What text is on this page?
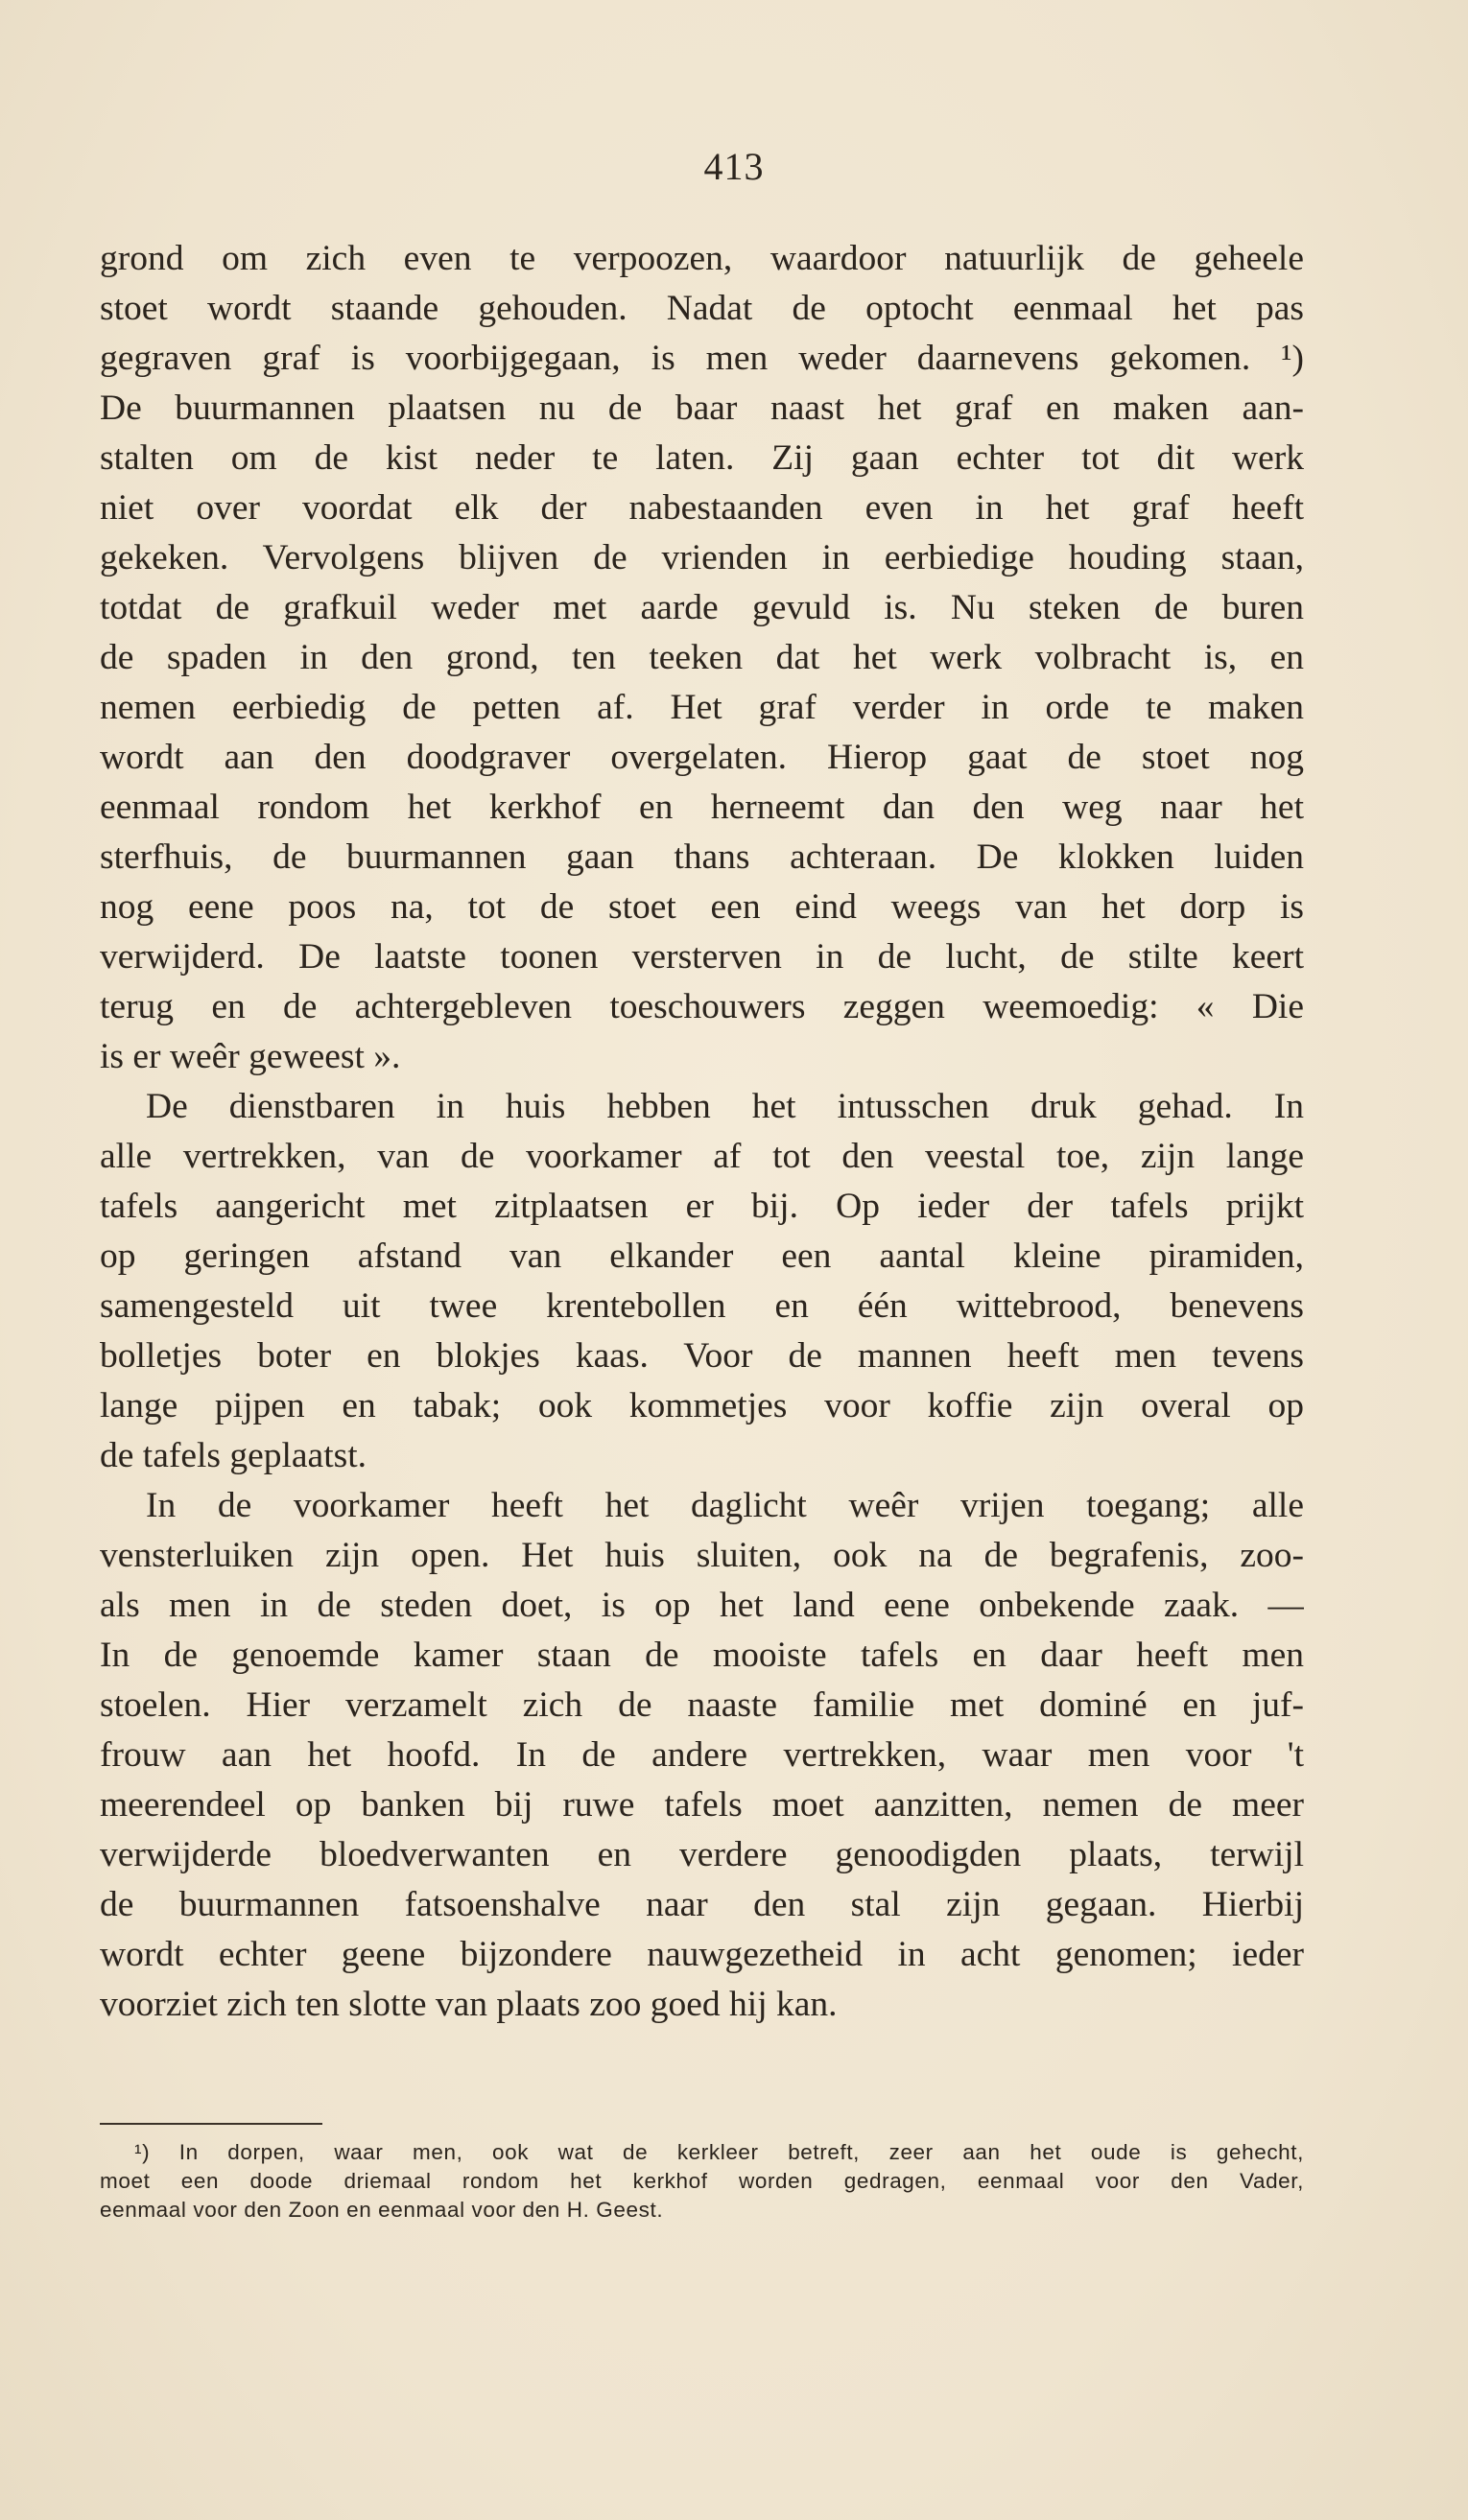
413
grond om zich even te verpoozen, waardoor natuurlijk de geheele
stoet wordt staande gehouden. Nadat de optocht eenmaal het pas
gegraven graf is voorbijgegaan, is men weder daarnevens gekomen. ¹)
De buurmannen plaatsen nu de baar naast het graf en maken aan-
stalten om de kist neder te laten. Zij gaan echter tot dit werk
niet over voordat elk der nabestaanden even in het graf heeft
gekeken. Vervolgens blijven de vrienden in eerbiedige houding staan,
totdat de grafkuil weder met aarde gevuld is. Nu steken de buren
de spaden in den grond, ten teeken dat het werk volbracht is, en
nemen eerbiedig de petten af. Het graf verder in orde te maken
wordt aan den doodgraver overgelaten. Hierop gaat de stoet nog
eenmaal rondom het kerkhof en herneemt dan den weg naar het
sterfhuis, de buurmannen gaan thans achteraan. De klokken luiden
nog eene poos na, tot de stoet een eind weegs van het dorp is
verwijderd. De laatste toonen versterven in de lucht, de stilte keert
terug en de achtergebleven toeschouwers zeggen weemoedig: « Die
is er weêr geweest ».
De dienstbaren in huis hebben het intusschen druk gehad. In
alle vertrekken, van de voorkamer af tot den veestal toe, zijn lange
tafels aangericht met zitplaatsen er bij. Op ieder der tafels prijkt
op geringen afstand van elkander een aantal kleine piramiden,
samengesteld uit twee krentebollen en één wittebrood, benevens
bolletjes boter en blokjes kaas. Voor de mannen heeft men tevens
lange pijpen en tabak; ook kommetjes voor koffie zijn overal op
de tafels geplaatst.
In de voorkamer heeft het daglicht weêr vrijen toegang; alle
vensterluiken zijn open. Het huis sluiten, ook na de begrafenis, zoo-
als men in de steden doet, is op het land eene onbekende zaak. —
In de genoemde kamer staan de mooiste tafels en daar heeft men
stoelen. Hier verzamelt zich de naaste familie met dominé en juf-
frouw aan het hoofd. In de andere vertrekken, waar men voor 't
meerendeel op banken bij ruwe tafels moet aanzitten, nemen de meer
verwijderde bloedverwanten en verdere genoodigden plaats, terwijl
de buurmannen fatsoenshalve naar den stal zijn gegaan. Hierbij
wordt echter geene bijzondere nauwgezetheid in acht genomen; ieder
voorziet zich ten slotte van plaats zoo goed hij kan.
¹) In dorpen, waar men, ook wat de kerkleer betreft, zeer aan het oude is gehecht,
moet een doode driemaal rondom het kerkhof worden gedragen, eenmaal voor den Vader,
eenmaal voor den Zoon en eenmaal voor den H. Geest.
